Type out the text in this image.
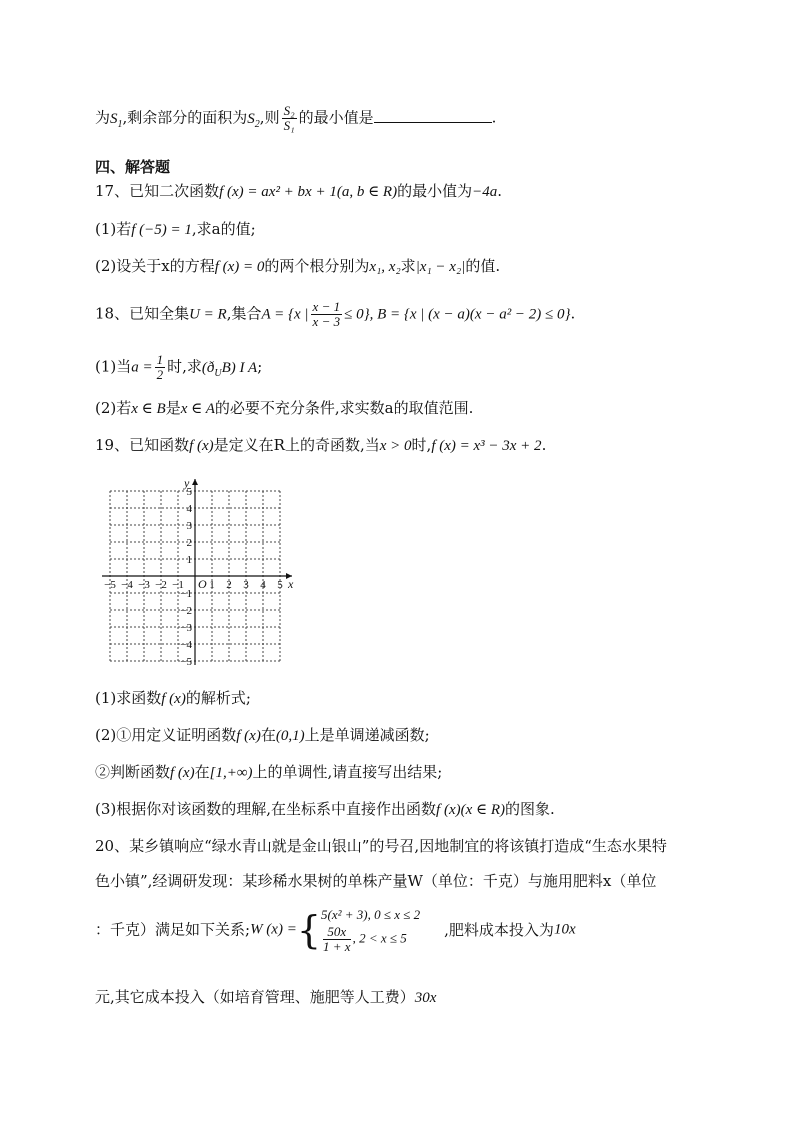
为$S_1$,剩余部分的面积为$S_2$,则 $\frac{\text{S₂}}{\text{S₁}}$ 的最小值是	.
四、解答题
17、已知二次函数f (x) = ax² + bx + 1(a, b ∈ R)的最小值为−4a.
(1)若f (−5) = 1,求a的值;
(2)设关于x的方程f (x) = 0的两个根分别为x₁, x₂求|x₁ − x₂|的值.
18、已知全集U = R,集合A = {x | $\frac{x - 1}{x - 3} \le 0$}, B = {x | (x − a)(x − a² − 2) ≤ 0}.
(1)当$a = \frac{1}{2}$ 时,求$(ð_UB)$ I A;
(2)若x ∈ B是x ∈ A的必要不充分条件,求实数a的取值范围.
19、已知函数f (x)是定义在R上的奇函数,当x > 0时,f (x) = x³ − 3x + 2.
x
y
O
−5 −4 −3 −2 −1 1 2 3 4 5
5
4
3
2
1
−1
−2
−3
−4
−5
(1)求函数f (x)的解析式;
(2)①用定义证明函数f (x)在(0,1)上是单调递减函数;
②判断函数f (x)在[1,+∞)上的单调性,请直接写出结果;
(3)根据你对该函数的理解,在坐标系中直接作出函数f (x)(x ∈ R)的图象.
20、某乡镇响应“绿水青山就是金山银山”的号召,因地制宜的将该镇打造成“生态水果特
色小镇”,经调研发现：某珍稀水果树的单株产量W（单位：千克）与施用肥料x（单位
：千克）满足如下关系;W (x) ={ 5(x² + 3), 0 ≤ x ≤ 2
$\frac{50x}{1 + x}$ , 2 < x ≤ 5	,肥料成本投入为10x
元,其它成本投入（如培育管理、施肥等人工费）30x
